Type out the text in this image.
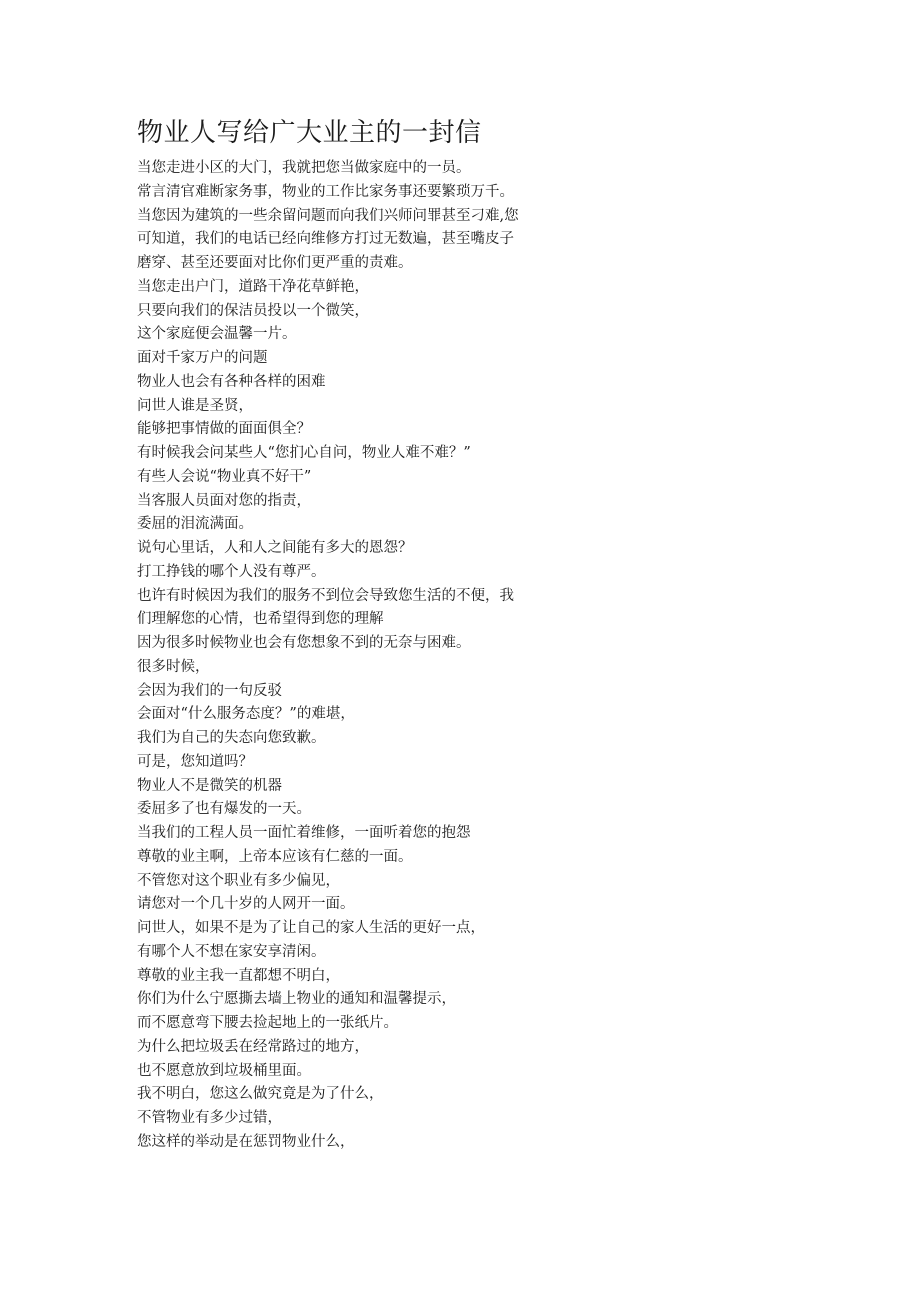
物业人写给广大业主的一封信
当您走进小区的大门，我就把您当做家庭中的一员。
常言清官难断家务事，物业的工作比家务事还要繁琐万千。
当您因为建筑的一些余留问题而向我们兴师问罪甚至刁难,您
可知道，我们的电话已经向维修方打过无数遍，甚至嘴皮子
磨穿、甚至还要面对比你们更严重的责难。
当您走出户门，道路干净花草鲜艳，
只要向我们的保洁员投以一个微笑，
这个家庭便会温馨一片。
面对千家万户的问题
物业人也会有各种各样的困难
问世人谁是圣贤，
能够把事情做的面面俱全？
有时候我会问某些人“您扪心自问，物业人难不难？”
有些人会说“物业真不好干”
当客服人员面对您的指责，
委屈的泪流满面。
说句心里话，人和人之间能有多大的恩怨？
打工挣钱的哪个人没有尊严。
也许有时候因为我们的服务不到位会导致您生活的不便，我
们理解您的心情，也希望得到您的理解
因为很多时候物业也会有您想象不到的无奈与困难。
很多时候，
会因为我们的一句反驳
会面对“什么服务态度？”的难堪，
我们为自己的失态向您致歉。
可是，您知道吗？
物业人不是微笑的机器
委屈多了也有爆发的一天。
当我们的工程人员一面忙着维修，一面听着您的抱怨
尊敬的业主啊，上帝本应该有仁慈的一面。
不管您对这个职业有多少偏见，
请您对一个几十岁的人网开一面。
问世人，如果不是为了让自己的家人生活的更好一点，
有哪个人不想在家安享清闲。
尊敬的业主我一直都想不明白，
你们为什么宁愿撕去墙上物业的通知和温馨提示，
而不愿意弯下腰去捡起地上的一张纸片。
为什么把垃圾丢在经常路过的地方，
也不愿意放到垃圾桶里面。
我不明白，您这么做究竟是为了什么，
不管物业有多少过错，
您这样的举动是在惩罚物业什么，
